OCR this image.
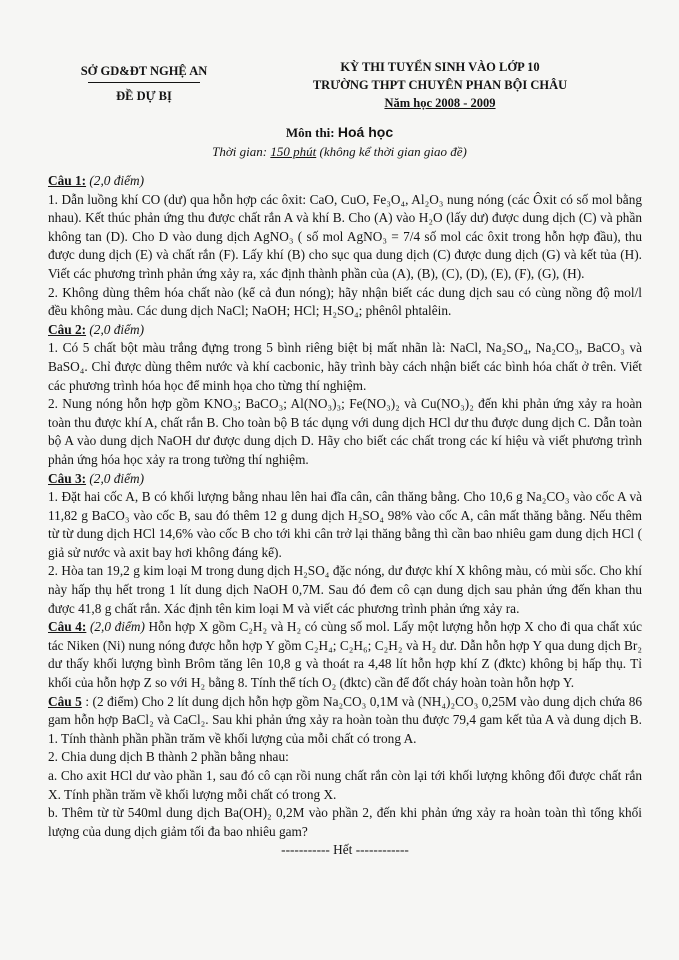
SỞ GD&ĐT NGHỆ AN
ĐỀ DỰ BỊ
KỲ THI TUYỂN SINH VÀO LỚP 10
TRƯỜNG THPT CHUYÊN PHAN BỘI CHÂU
Năm học 2008 - 2009
Môn thi: Hoá học
Thời gian: 150 phút (không kể thời gian giao đề)

Câu 1: (2,0 điểm)

1. Dẫn luồng khí CO (dư) qua hỗn hợp các ôxit: CaO, CuO, Fe₃O₄, Al₂O₃ nung nóng (các Ôxit có số mol bằng nhau). Kết thúc phản ứng thu được chất rắn A và khí B. Cho (A) vào H₂O (lấy dư) được dung dịch (C) và phần không tan (D). Cho D vào dung dịch AgNO₃ ( số mol AgNO₃ = 7/4 số mol các ôxit trong hỗn hợp đầu), thu được dung dịch (E) và chất rắn (F). Lấy khí (B) cho sục qua dung dịch (C) được dung dịch (G) và kết tủa (H). Viết các phương trình phản ứng xảy ra, xác định thành phần của (A), (B), (C), (D), (E), (F), (G), (H).

2. Không dùng thêm hóa chất nào (kể cả đun nóng); hãy nhận biết các dung dịch sau có cùng nồng độ mol/l đều không màu. Các dung dịch NaCl; NaOH; HCl; H₂SO₄; phênôl phtalêin.

Câu 2: (2,0 điểm)

1. Có 5 chất bột màu trắng đựng trong 5 bình riêng biệt bị mất nhãn là: NaCl, Na₂SO₄, Na₂CO₃, BaCO₃ và BaSO₄. Chỉ được dùng thêm nước và khí cacbonic, hãy trình bày cách nhận biết các bình hóa chất ở trên. Viết các phương trình hóa học để minh họa cho từng thí nghiệm.

2. Nung nóng hỗn hợp gồm KNO₃; BaCO₃; Al(NO₃)₃; Fe(NO₃)₂ và Cu(NO₃)₂ đến khi phản ứng xảy ra hoàn toàn thu được khí A, chất rắn B. Cho toàn bộ B tác dụng với dung dịch HCl dư thu được dung dịch C. Dẫn toàn bộ A vào dung dịch NaOH dư được dung dịch D. Hãy cho biết các chất trong các kí hiệu và viết phương trình phản ứng hóa học xảy ra trong tường thí nghiệm.

Câu 3: (2,0 điểm)

1. Đặt hai cốc A, B có khối lượng bằng nhau lên hai đĩa cân, cân thăng bằng. Cho 10,6 g Na₂CO₃ vào cốc A và 11,82 g BaCO₃ vào cốc B, sau đó thêm 12 g dung dịch H₂SO₄ 98% vào cốc A, cân mất thăng bằng. Nếu thêm từ từ dung dịch HCl 14,6% vào cốc B cho tới khi cân trở lại thăng bằng thì cần bao nhiêu gam dung dịch HCl ( giả sử nước và axit bay hơi không đáng kể).

2. Hòa tan 19,2 g kim loại M trong dung dịch H₂SO₄ đặc nóng, dư được khí X không màu, có mùi sốc. Cho khí này hấp thụ hết trong 1 lít dung dịch NaOH 0,7M. Sau đó đem cô cạn dung dịch sau phản ứng đến khan thu được 41,8 g chất rắn. Xác định tên kim loại M và viết các phương trình phản ứng xảy ra.

Câu 4: (2,0 điểm) Hỗn hợp X gồm C₂H₂ và H₂ có cùng số mol. Lấy một lượng hỗn hợp X cho đi qua chất xúc tác Niken (Ni) nung nóng được hỗn hợp Y gồm C₂H₄; C₂H₆; C₂H₂ và H₂ dư. Dẫn hỗn hợp Y qua dung dịch Br₂ dư thấy khối lượng bình Brôm tăng lên 10,8 g và thoát ra 4,48 lít hỗn hợp khí Z (đktc) không bị hấp thụ. Tỉ khối của hỗn hợp Z so với H₂ bằng 8. Tính thể tích O₂ (đktc) cần để đốt cháy hoàn toàn hỗn hợp Y.

Câu 5 : (2 điểm) Cho 2 lít dung dịch hỗn hợp gồm Na₂CO₃ 0,1M và (NH₄)₂CO₃ 0,25M vào dung dịch chứa 86 gam hỗn hợp BaCl₂ và CaCl₂. Sau khi phản ứng xảy ra hoàn toàn thu được 79,4 gam kết tủa A và dung dịch B. 1. Tính thành phần phần trăm về khối lượng của mỗi chất có trong A.

2. Chia dung dịch B thành 2 phần bằng nhau:

a. Cho axit HCl dư vào phần 1, sau đó cô cạn rồi nung chất rắn còn lại tới khối lượng không đổi được chất rắn X. Tính phần trăm về khối lượng mỗi chất có trong X.

b. Thêm từ từ 540ml dung dịch Ba(OH)₂ 0,2M vào phần 2, đến khi phản ứng xảy ra hoàn toàn thì tổng khối lượng của dung dịch giảm tối đa bao nhiêu gam?

----------- Hết ------------
